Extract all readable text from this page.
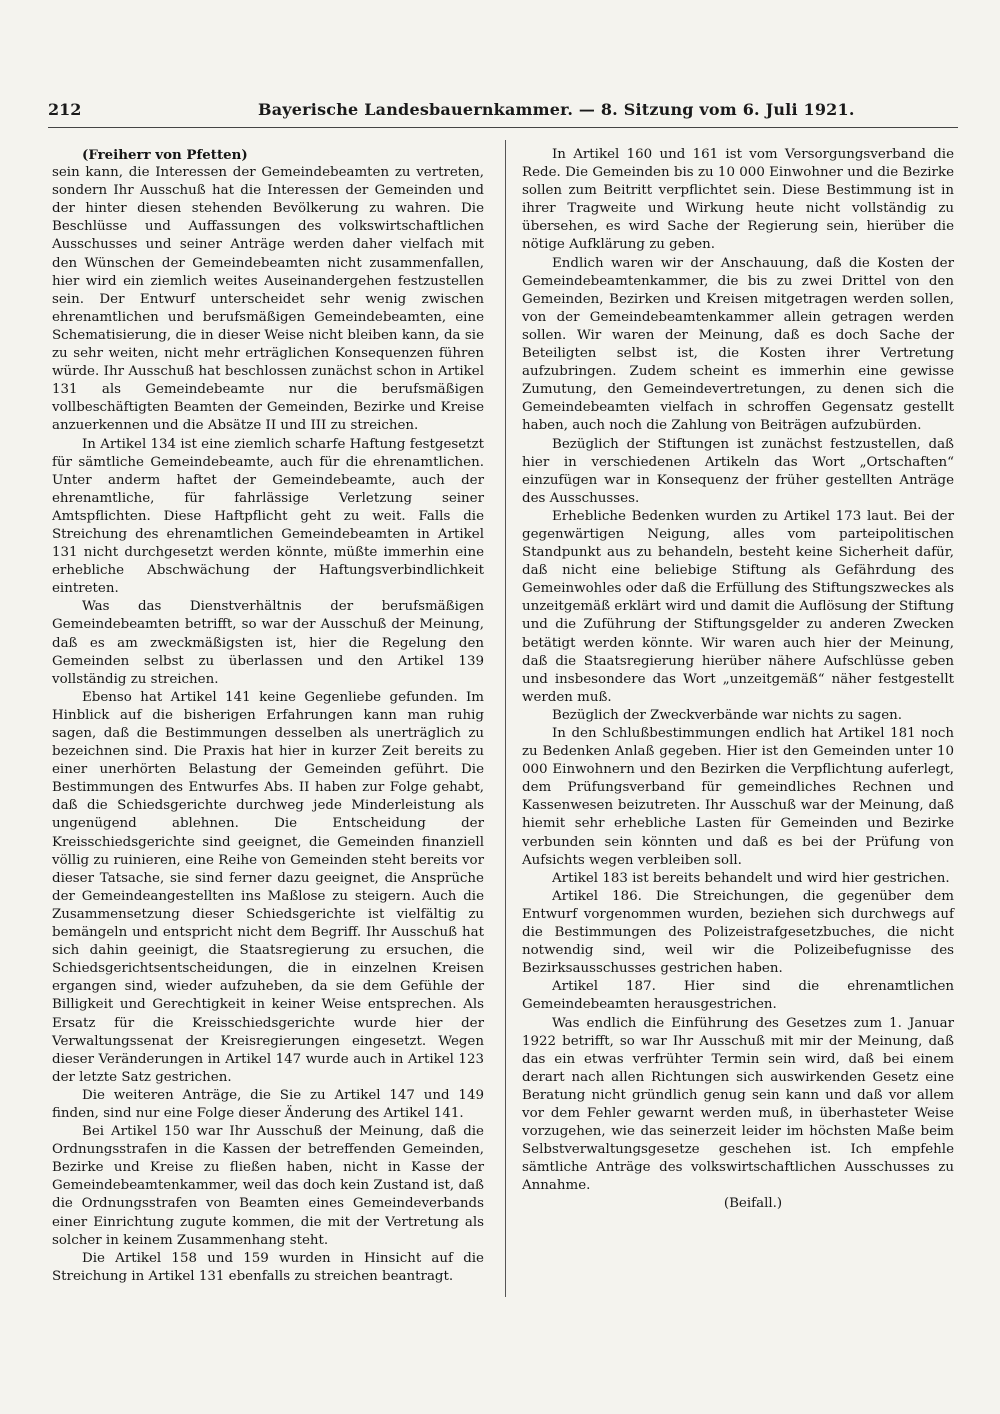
212	Bayerische Landesbauernkammer. — 8. Sitzung vom 6. Juli 1921.

(Freiherr von Pfetten)

sein kann, die Interessen der Gemeindebeamten zu vertreten, sondern Ihr Ausschuß hat die Interessen der Gemeinden und der hinter diesen stehenden Bevölkerung zu wahren. Die Beschlüsse und Auffassungen des volkswirtschaftlichen Ausschusses und seiner Anträge werden daher vielfach mit den Wünschen der Gemeindebeamten nicht zusammenfallen, hier wird ein ziemlich weites Auseinandergehen festzustellen sein. Der Entwurf unterscheidet sehr wenig zwischen ehrenamtlichen und berufsmäßigen Gemeindebeamten, eine Schematisierung, die in dieser Weise nicht bleiben kann, da sie zu sehr weiten, nicht mehr erträglichen Konsequenzen führen würde. Ihr Ausschuß hat beschlossen zunächst schon in Artikel 131 als Gemeindebeamte nur die berufsmäßigen vollbeschäftigten Beamten der Gemeinden, Bezirke und Kreise anzuerkennen und die Absätze II und III zu streichen.

In Artikel 134 ist eine ziemlich scharfe Haftung festgesetzt für sämtliche Gemeindebeamte, auch für die ehrenamtlichen. Unter anderm haftet der Gemeindebeamte, auch der ehrenamtliche, für fahrlässige Verletzung seiner Amtspflichten. Diese Haftpflicht geht zu weit. Falls die Streichung des ehrenamtlichen Gemeindebeamten in Artikel 131 nicht durchgesetzt werden könnte, müßte immerhin eine erhebliche Abschwächung der Haftungsverbindlichkeit eintreten.

Was das Dienstverhältnis der berufsmäßigen Gemeindebeamten betrifft, so war der Ausschuß der Meinung, daß es am zweckmäßigsten ist, hier die Regelung den Gemeinden selbst zu überlassen und den Artikel 139 vollständig zu streichen.

Ebenso hat Artikel 141 keine Gegenliebe gefunden. Im Hinblick auf die bisherigen Erfahrungen kann man ruhig sagen, daß die Bestimmungen desselben als unerträglich zu bezeichnen sind. Die Praxis hat hier in kurzer Zeit bereits zu einer unerhörten Belastung der Gemeinden geführt. Die Bestimmungen des Entwurfes Abs. II haben zur Folge gehabt, daß die Schiedsgerichte durchweg jede Minderleistung als ungenügend ablehnen. Die Entscheidung der Kreisschiedsgerichte sind geeignet, die Gemeinden finanziell völlig zu ruinieren, eine Reihe von Gemeinden steht bereits vor dieser Tatsache, sie sind ferner dazu geeignet, die Ansprüche der Gemeindeangestellten ins Maßlose zu steigern. Auch die Zusammensetzung dieser Schiedsgerichte ist vielfältig zu bemängeln und entspricht nicht dem Begriff. Ihr Ausschuß hat sich dahin geeinigt, die Staatsregierung zu ersuchen, die Schiedsgerichtsentscheidungen, die in einzelnen Kreisen ergangen sind, wieder aufzuheben, da sie dem Gefühle der Billigkeit und Gerechtigkeit in keiner Weise entsprechen. Als Ersatz für die Kreisschiedsgerichte wurde hier der Verwaltungssenat der Kreisregierungen eingesetzt. Wegen dieser Veränderungen in Artikel 147 wurde auch in Artikel 123 der letzte Satz gestrichen.

Die weiteren Anträge, die Sie zu Artikel 147 und 149 finden, sind nur eine Folge dieser Änderung des Artikel 141.

Bei Artikel 150 war Ihr Ausschuß der Meinung, daß die Ordnungsstrafen in die Kassen der betreffenden Gemeinden, Bezirke und Kreise zu fließen haben, nicht in Kasse der Gemeindebeamtenkammer, weil das doch kein Zustand ist, daß die Ordnungsstrafen von Beamten eines Gemeindeverbands einer Einrichtung zugute kommen, die mit der Vertretung als solcher in keinem Zusammenhang steht.

Die Artikel 158 und 159 wurden in Hinsicht auf die Streichung in Artikel 131 ebenfalls zu streichen beantragt.

In Artikel 160 und 161 ist vom Versorgungsverband die Rede. Die Gemeinden bis zu 10 000 Einwohner und die Bezirke sollen zum Beitritt verpflichtet sein. Diese Bestimmung ist in ihrer Tragweite und Wirkung heute nicht vollständig zu übersehen, es wird Sache der Regierung sein, hierüber die nötige Aufklärung zu geben.

Endlich waren wir der Anschauung, daß die Kosten der Gemeindebeamtenkammer, die bis zu zwei Drittel von den Gemeinden, Bezirken und Kreisen mitgetragen werden sollen, von der Gemeindebeamtenkammer allein getragen werden sollen. Wir waren der Meinung, daß es doch Sache der Beteiligten selbst ist, die Kosten ihrer Vertretung aufzubringen. Zudem scheint es immerhin eine gewisse Zumutung, den Gemeindevertretungen, zu denen sich die Gemeindebeamten vielfach in schroffen Gegensatz gestellt haben, auch noch die Zahlung von Beiträgen aufzubürden.

Bezüglich der Stiftungen ist zunächst festzustellen, daß hier in verschiedenen Artikeln das Wort „Ortschaften“ einzufügen war in Konsequenz der früher gestellten Anträge des Ausschusses.

Erhebliche Bedenken wurden zu Artikel 173 laut. Bei der gegenwärtigen Neigung, alles vom parteipolitischen Standpunkt aus zu behandeln, besteht keine Sicherheit dafür, daß nicht eine beliebige Stiftung als Gefährdung des Gemeinwohles oder daß die Erfüllung des Stiftungszweckes als unzeitgemäß erklärt wird und damit die Auflösung der Stiftung und die Zuführung der Stiftungsgelder zu anderen Zwecken betätigt werden könnte. Wir waren auch hier der Meinung, daß die Staatsregierung hierüber nähere Aufschlüsse geben und insbesondere das Wort „unzeitgemäß“ näher festgestellt werden muß.

Bezüglich der Zweckverbände war nichts zu sagen.

In den Schlußbestimmungen endlich hat Artikel 181 noch zu Bedenken Anlaß gegeben. Hier ist den Gemeinden unter 10 000 Einwohnern und den Bezirken die Verpflichtung auferlegt, dem Prüfungsverband für gemeindliches Rechnen und Kassenwesen beizutreten. Ihr Ausschuß war der Meinung, daß hiemit sehr erhebliche Lasten für Gemeinden und Bezirke verbunden sein könnten und daß es bei der Prüfung von Aufsichts wegen verbleiben soll.

Artikel 183 ist bereits behandelt und wird hier gestrichen.

Artikel 186. Die Streichungen, die gegenüber dem Entwurf vorgenommen wurden, beziehen sich durchwegs auf die Bestimmungen des Polizeistrafgesetzbuches, die nicht notwendig sind, weil wir die Polizeibefugnisse des Bezirksausschusses gestrichen haben.

Artikel 187. Hier sind die ehrenamtlichen Gemeindebeamten herausgestrichen.

Was endlich die Einführung des Gesetzes zum 1. Januar 1922 betrifft, so war Ihr Ausschuß mit mir der Meinung, daß das ein etwas verfrühter Termin sein wird, daß bei einem derart nach allen Richtungen sich auswirkenden Gesetz eine Beratung nicht gründlich genug sein kann und daß vor allem vor dem Fehler gewarnt werden muß, in überhasteter Weise vorzugehen, wie das seinerzeit leider im höchsten Maße beim Selbstverwaltungsgesetze geschehen ist. Ich empfehle sämtliche Anträge des volkswirtschaftlichen Ausschusses zu Annahme.

(Beifall.)
